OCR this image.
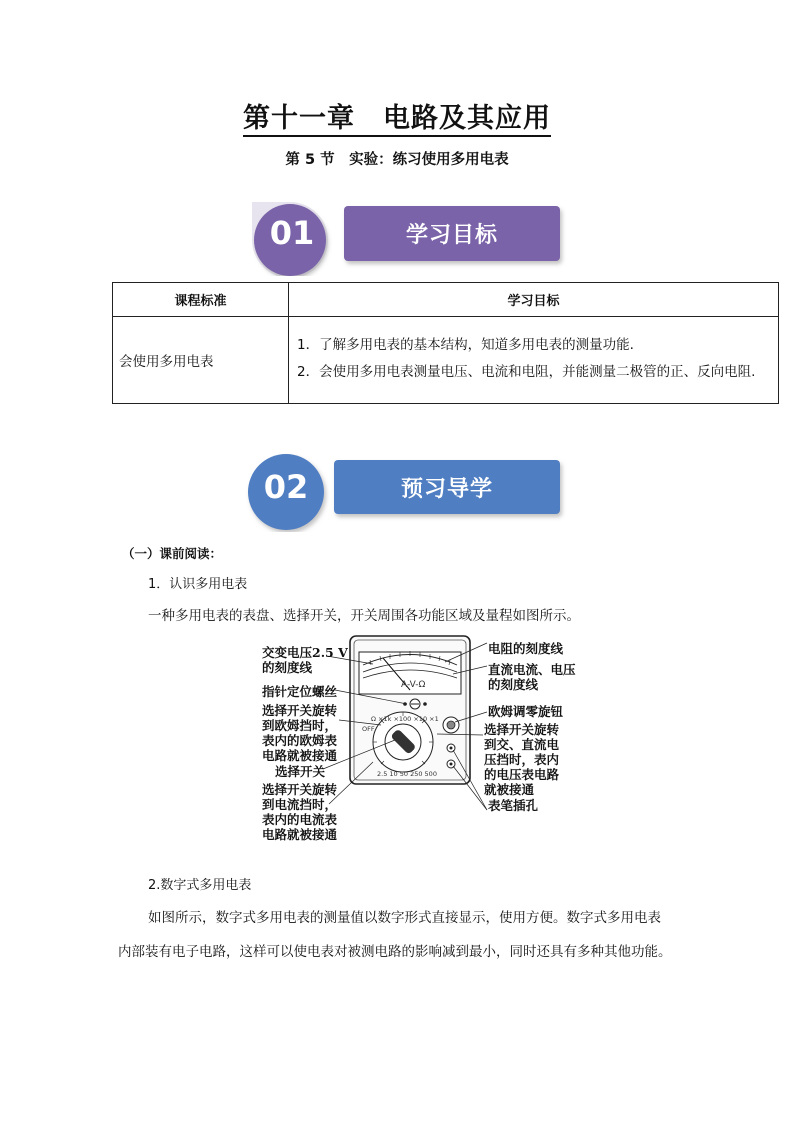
第十一章　电路及其应用
第 5 节　实验：练习使用多用电表
01	学习目标
课程标准	学习目标
会使用多用电表	1．了解多用电表的基本结构，知道多用电表的测量功能.
2．会使用多用电表测量电压、电流和电阻，并能测量二极管的正、反向电阻.
02	预习导学
（一）课前阅读：
1．认识多用电表
一种多用电表的表盘、选择开关，开关周围各功能区域及量程如图所示。
A-V-Ω
Ω ×1k ×100 ×10 ×1
OFF
2.5 10 50 250 500
交变电压2.5 V
的刻度线
指针定位螺丝
选择开关旋转
到欧姆挡时，
表内的欧姆表
电路就被接通
选择开关
选择开关旋转
到电流挡时，
表内的电流表
电路就被接通
电阻的刻度线
直流电流、电压
的刻度线
欧姆调零旋钮
选择开关旋转
到交、直流电
压挡时，表内
的电压表电路
就被接通
表笔插孔
2.数字式多用电表
如图所示，数字式多用电表的测量值以数字形式直接显示，使用方便。数字式多用电表
内部装有电子电路，这样可以使电表对被测电路的影响减到最小，同时还具有多种其他功能。
